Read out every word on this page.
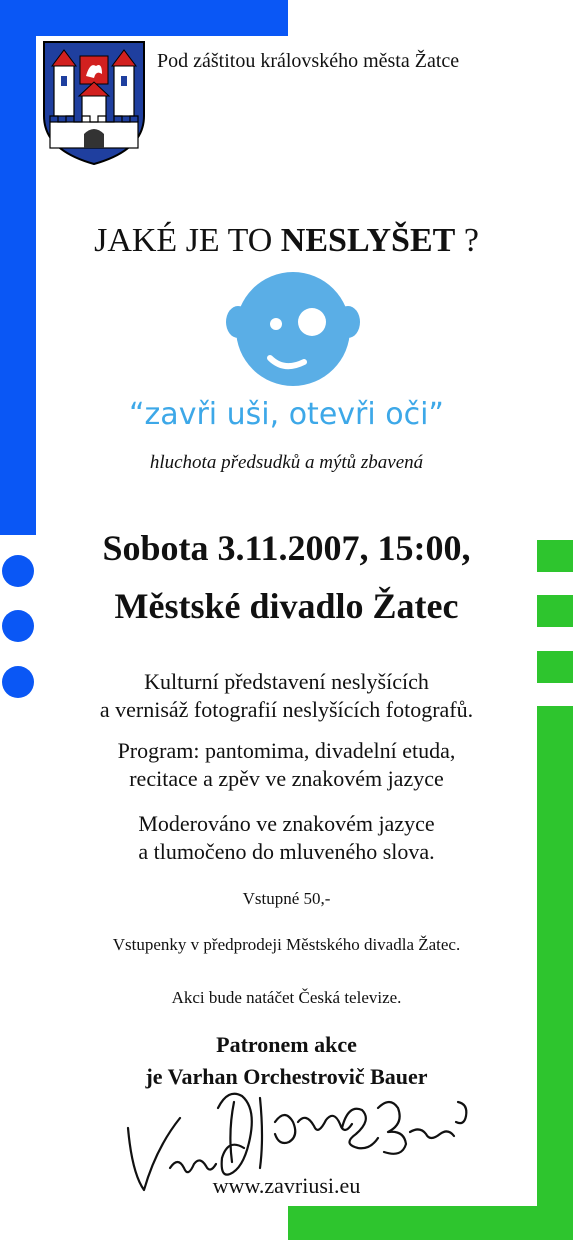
Pod záštitou královského města Žatce
JAKÉ JE TO NESLYŠET ?
“zavři uši, otevři oči”
hluchota předsudků a mýtů zbavená
Sobota 3.11.2007, 15:00,
Městské divadlo Žatec
Kulturní představení neslyšících
a vernisáž fotografií neslyšících fotografů.
Program: pantomima, divadelní etuda,
recitace a zpěv ve znakovém jazyce
Moderováno ve znakovém jazyce
a tlumočeno do mluveného slova.
Vstupné 50,-
Vstupenky v předprodeji Městského divadla Žatec.
Akci bude natáčet Česká televize.
Patronem akce
je Varhan Orchestrovič Bauer
www.zavriusi.eu
